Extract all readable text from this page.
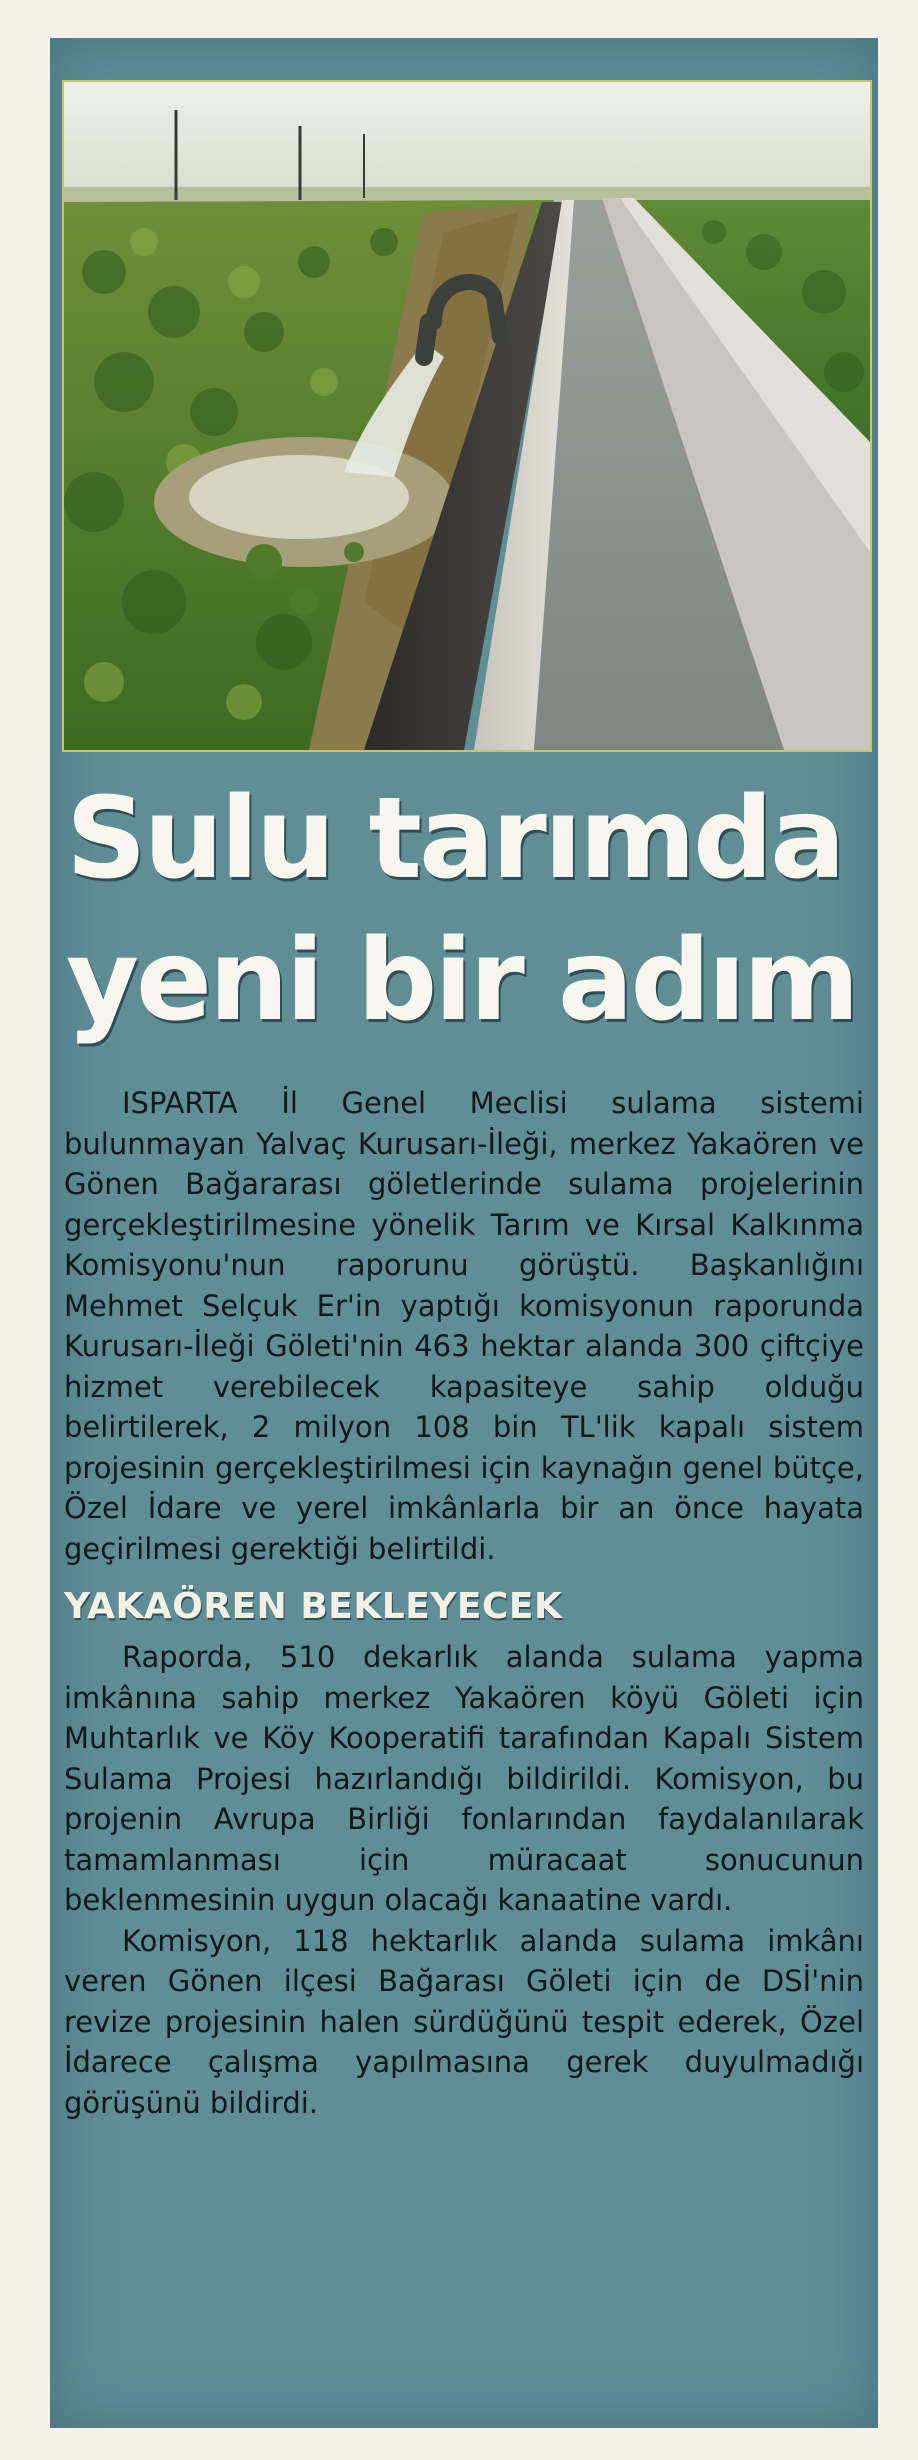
Sulu tarımda
yeni bir adım

ISPARTA İl Genel Meclisi sulama sistemi bulunmayan Yalvaç Kurusarı-İleği, merkez Yakaören ve Gönen Bağararası göletlerinde sulama projelerinin gerçekleştirilmesine yönelik Tarım ve Kırsal Kalkınma Komisyonu'nun raporunu görüştü. Başkanlığını Mehmet Selçuk Er'in yaptığı komisyonun raporunda Kurusarı-İleği Göleti'nin 463 hektar alanda 300 çiftçiye hizmet verebilecek kapasiteye sahip olduğu belirtilerek, 2 milyon 108 bin TL'lik kapalı sistem projesinin gerçekleştirilmesi için kaynağın genel bütçe, Özel İdare ve yerel imkânlarla bir an önce hayata geçirilmesi gerektiği belirtildi.

YAKAÖREN BEKLEYECEK

Raporda, 510 dekarlık alanda sulama yapma imkânına sahip merkez Yakaören köyü Göleti için Muhtarlık ve Köy Kooperatifi tarafından Kapalı Sistem Sulama Projesi hazırlandığı bildirildi. Komisyon, bu projenin Avrupa Birliği fonlarından faydalanılarak tamamlanması için müracaat sonucunun beklenmesinin uygun olacağı kanaatine vardı.

Komisyon, 118 hektarlık alanda sulama imkânı veren Gönen ilçesi Bağarası Göleti için de DSİ'nin revize projesinin halen sürdüğünü tespit ederek, Özel İdarece çalışma yapılmasına gerek duyulmadığı görüşünü bildirdi.
